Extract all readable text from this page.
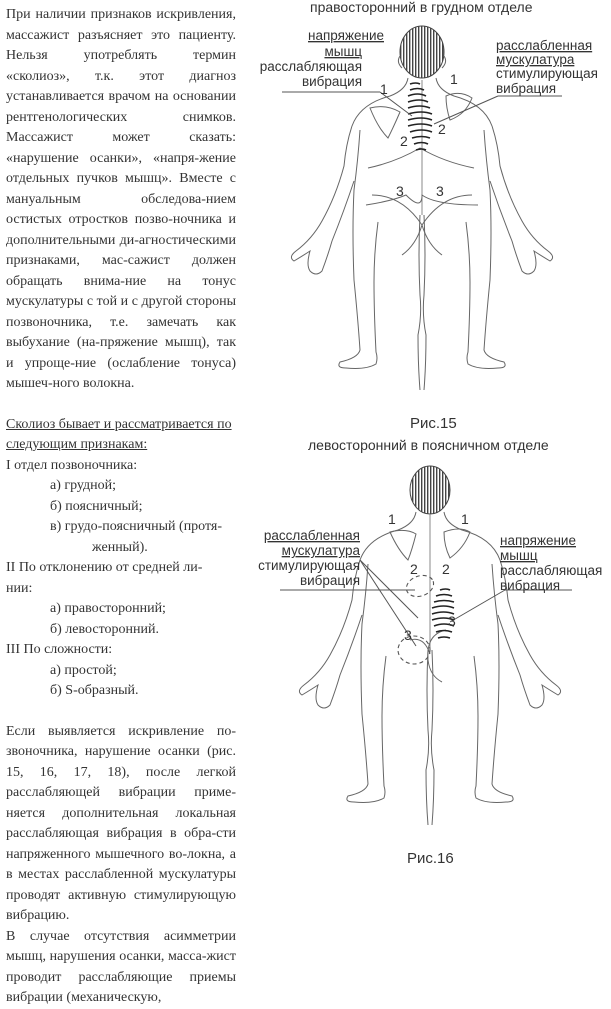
При наличии признаков искривления, массажист разъясняет это пациенту. Нельзя употреблять термин «сколиоз», т.к. этот диагноз устанавливается врачом на основании рентгенологических снимков. Массажист может сказать: «нарушение осанки», «напря-жение отдельных пучков мышц». Вместе с мануальным обследова-нием остистых отростков позво-ночника и дополнительными ди-агностическими признаками, мас-сажист должен обращать внима-ние на тонус мускулатуры с той и с другой стороны позвоночника, т.е. замечать как выбухание (на-пряжение мышц), так и упроще-ние (ослабление тонуса) мышеч-ного волокна.

Сколиоз бывает и рассматривается по следующим признакам:

I отдел позвоночника:

а) грудной;

б) поясничный;

в) грудо-поясничный (протя-

женный).

II По отклонению от средней ли-

нии:

а) правосторонний;

б) левосторонний.

III По сложности:

а) простой;

б) S-образный.

Если выявляется искривление по-звоночника, нарушение осанки (рис. 15, 16, 17, 18), после легкой расслабляющей вибрации приме-няется дополнительная локальная расслабляющая вибрация в обра-сти напряженного мышечного во-локна, а в местах расслабленной мускулатуры проводят активную стимулирующую вибрацию.

В случае отсутствия асимметрии мышц, нарушения осанки, масса-жист проводит расслабляющие приемы вибрации (механическую,

правосторонний в грудном отделе
напряжение
мышц
расслабляющая
вибрация
расслабленная
мускулатура
стимулирующая
вибрация
1
1
2
2
3 3
Рис.15
левосторонний в поясничном отделе
расслабленная
мускулатура
стимулирующая
вибрация
напряжение
мышц
расслабляющая
вибрация
1	1
2 2
3
3
Рис.16
